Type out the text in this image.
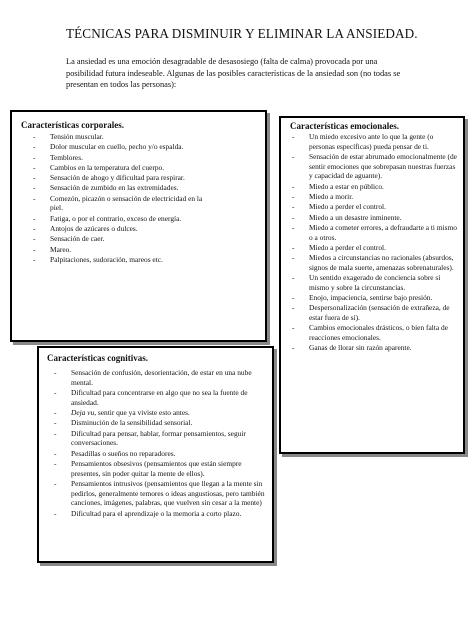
TÉCNICAS PARA DISMINUIR Y ELIMINAR LA ANSIEDAD.
La ansiedad es una emoción desagradable de desasosiego (falta de calma) provocada por una posibilidad futura indeseable. Algunas de las posibles características de la ansiedad son (no todas se presentan en todos las personas):
Características corporales.
- Tensión muscular.
- Dolor muscular en cuello, pecho y/o espalda.
- Temblores.
- Cambios en la temperatura del cuerpo.
- Sensación de ahogo y dificultad para respirar.
- Sensación de zumbido en las extremidades.
- Comezón, picazón o sensación de electricidad en la piel.
- Fatiga, o por el contrario, exceso de energía.
- Antojos de azúcares o dulces.
- Sensación de caer.
- Mareo.
- Palpitaciones, sudoración, mareos etc.
Características emocionales.
- Un miedo excesivo ante lo que la gente (o personas específicas) pueda pensar de ti.
- Sensación de estar abrumado emocionalmente (de sentir emociones que sobrepasan nuestras fuerzas y capacidad de aguante).
- Miedo a estar en público.
- Miedo a morir.
- Miedo a perder el control.
- Miedo a un desastre inminente.
- Miedo a cometer errores, a defraudarte a ti mismo o a otros.
- Miedo a perder el control.
- Miedos a circunstancias no racionales (absurdos, signos de mala suerte, amenazas sobrenaturales).
- Un sentido exagerado de conciencia sobre sí mismo y sobre la circunstancias.
- Enojo, impaciencia, sentirse bajo presión.
- Despersonalización (sensación de extrañeza, de estar fuera de sí).
- Cambios emocionales drásticos, o bien falta de reacciones emocionales.
- Ganas de llorar sin razón aparente.
Características cognitivas.
- Sensación de confusión, desorientación, de estar en una nube mental.
- Dificultad para concentrarse en algo que no sea la fuente de ansiedad.
- Deja vu, sentir que ya viviste esto antes.
- Disminución de la sensibilidad sensorial.
- Dificultad para pensar, hablar, formar pensamientos, seguir conversaciones.
- Pesadillas o sueños no reparadores.
- Pensamientos obsesivos (pensamientos que están siempre presentes, sin poder quitar la mente de ellos).
- Pensamientos intrusivos (pensamientos que llegan a la mente sin pedirlos, generalmente temores o ideas angustiosas, pero también canciones, imágenes, palabras, que vuelven sin cesar a la mente)
- Dificultad para el aprendizaje o la memoria a corto plazo.
